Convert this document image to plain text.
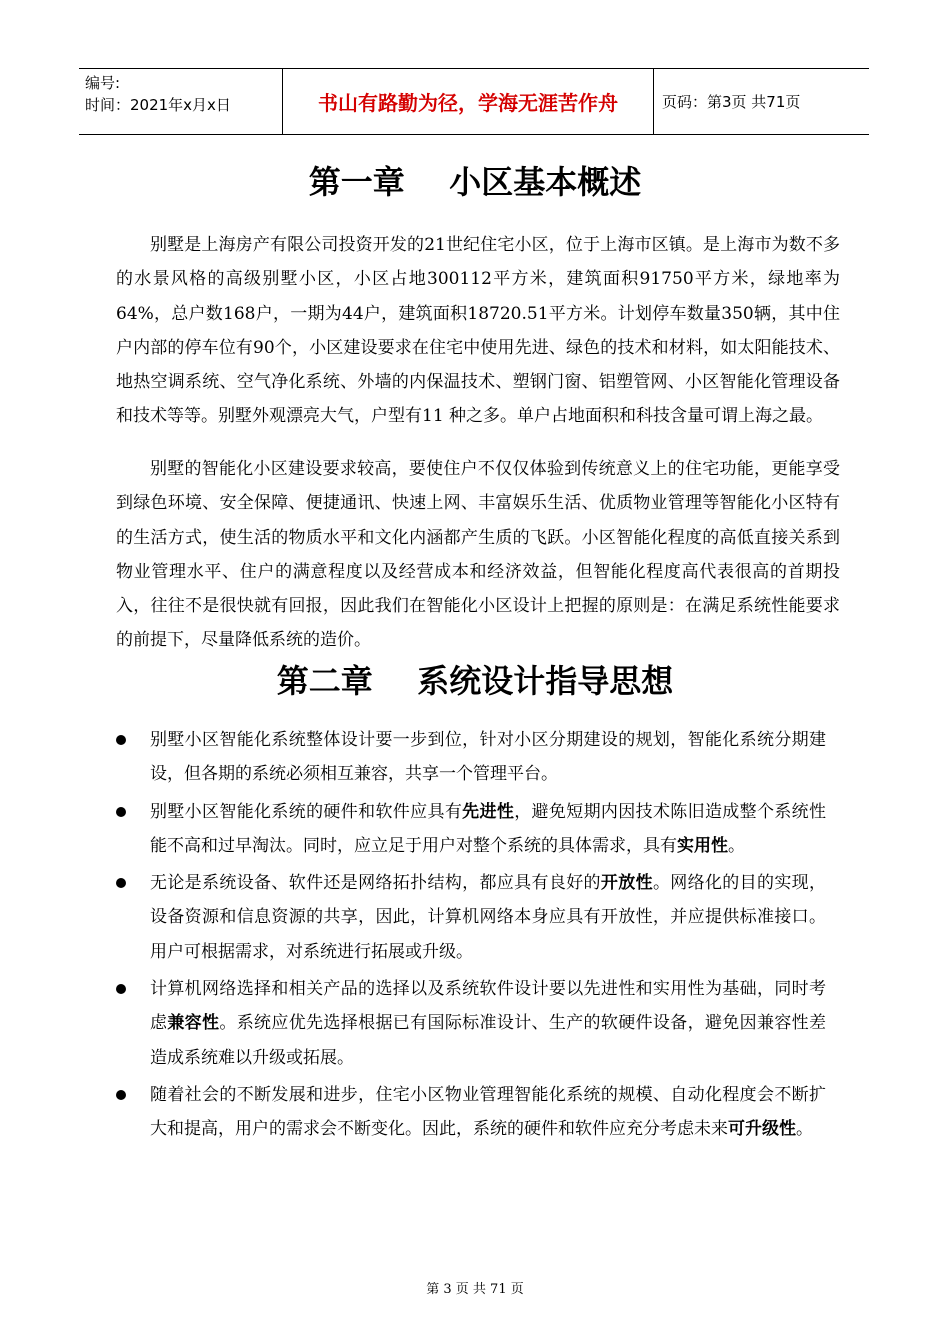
编号:
时间：2021年x月x日	书山有路勤为径，学海无涯苦作舟	页码：第3页 共71页
第一章    小区基本概述

别墅是上海房产有限公司投资开发的21世纪住宅小区，位于上海市区镇。是上海市为数不多的水景风格的高级别墅小区，小区占地300112平方米，建筑面积91750平方米，绿地率为64%，总户数168户，一期为44户，建筑面积18720.51平方米。计划停车数量350辆，其中住户内部的停车位有90个，小区建设要求在住宅中使用先进、绿色的技术和材料，如太阳能技术、地热空调系统、空气净化系统、外墙的内保温技术、塑钢门窗、铝塑管网、小区智能化管理设备和技术等等。别墅外观漂亮大气，户型有11 种之多。单户占地面积和科技含量可谓上海之最。

别墅的智能化小区建设要求较高，要使住户不仅仅体验到传统意义上的住宅功能，更能享受到绿色环境、安全保障、便捷通讯、快速上网、丰富娱乐生活、优质物业管理等智能化小区特有的生活方式，使生活的物质水平和文化内涵都产生质的飞跃。小区智能化程度的高低直接关系到物业管理水平、住户的满意程度以及经营成本和经济效益，但智能化程度高代表很高的首期投入，往往不是很快就有回报，因此我们在智能化小区设计上把握的原则是：在满足系统性能要求的前提下，尽量降低系统的造价。

第二章    系统设计指导思想
别墅小区智能化系统整体设计要一步到位，针对小区分期建设的规划，智能化系统分期建设，但各期的系统必须相互兼容，共享一个管理平台。
别墅小区智能化系统的硬件和软件应具有先进性，避免短期内因技术陈旧造成整个系统性能不高和过早淘汰。同时，应立足于用户对整个系统的具体需求，具有实用性。
无论是系统设备、软件还是网络拓扑结构，都应具有良好的开放性。网络化的目的实现，设备资源和信息资源的共享，因此，计算机网络本身应具有开放性，并应提供标准接口。用户可根据需求，对系统进行拓展或升级。
计算机网络选择和相关产品的选择以及系统软件设计要以先进性和实用性为基础，同时考虑兼容性。系统应优先选择根据已有国际标准设计、生产的软硬件设备，避免因兼容性差造成系统难以升级或拓展。
随着社会的不断发展和进步，住宅小区物业管理智能化系统的规模、自动化程度会不断扩大和提高，用户的需求会不断变化。因此，系统的硬件和软件应充分考虑未来可升级性。
第 3 页 共 71 页
